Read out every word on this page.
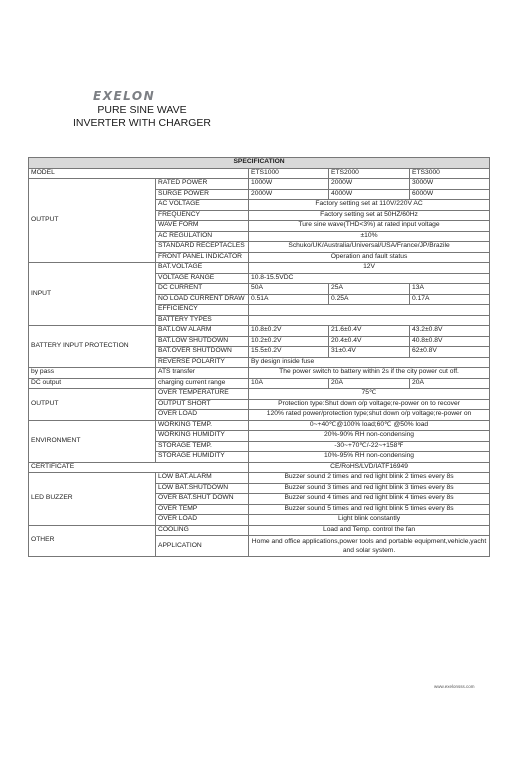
EXELON
PURE SINE WAVE INVERTER WITH CHARGER
SPECIFICATION				
MODEL		ETS1000	ETS2000	ETS3000
OUTPUT	RATED POWER	1000W	2000W	3000W
	SURGE POWER	2000W	4000W	6000W
	AC VOLTAGE	Factory setting set at 110V/220V AC		
	FREQUENCY	Factory setting set at 50HZ/60Hz		
	WAVE FORM	Ture sine wave(THD<3%) at rated input voltage		
	AC REGULATION	±10%		
	STANDARD RECEPTACLES	Schuko/UK/Australia/Universal/USA/France/JP/Brazile		
	FRONT PANEL INDICATOR	Operation and fault status		
INPUT	BAT.VOLTAGE	12V		
	VOLTAGE RANGE	10.8-15.5VDC		
	DC CURRENT	50A	25A	13A
	NO LOAD CURRENT DRAW	0.51A	0.25A	0.17A
	EFFICIENCY			
	BATTERY TYPES			
BATTERY INPUT PROTECTION	BAT.LOW ALARM	10.8±0.2V	21.6±0.4V	43.2±0.8V
	BAT.LOW SHUTDOWN	10.2±0.2V	20.4±0.4V	40.8±0.8V
	BAT.OVER SHUTDOWN	15.5±0.2V	31±0.4V	62±0.8V
	REVERSE POLARITY	By design inside fuse		
by pass	ATS transfer	The power switch to battery within 2s if the city power cut off.		
DC output	charging current range	10A	20A	20A
OUTPUT	OVER TEMPERATURE	75℃		
	OUTPUT SHORT	Protection type:Shut down o/p voltage;re-power on to recover		
	OVER LOAD	120% rated power/protection type;shut down o/p voltage;re-power on		
ENVIRONMENT	WORKING TEMP.	0~+40℃@100% load;60℃ @50% load		
	WORKING HUMIDITY	20%-90% RH non-condensing		
	STORAGE TEMP.	-30~+70℃/-22~+158℉		
	STORAGE HUMIDITY	10%-95% RH non-condensing		
CERTIFICATE		CE/RoHS/LVD/IATF16949		
LED BUZZER	LOW BAT.ALARM	Buzzer sound 2 times and red light blink 2 times every 8s		
	LOW BAT.SHUTDOWN	Buzzer sound 3 times and red light blink 3 times every 8s		
	OVER BAT.SHUT DOWN	Buzzer sound 4 times and red light blink 4 times every 8s		
	OVER TEMP	Buzzer sound 5 times and red light blink 5 times every 8s		
	OVER LOAD	Light blink constantly		
OTHER	COOLING	Load and Temp. control the fan		
	APPLICATION	Home and office applications,power tools and portable equipment,vehicle,yacht and solar system.		
www.exelonsss.com
